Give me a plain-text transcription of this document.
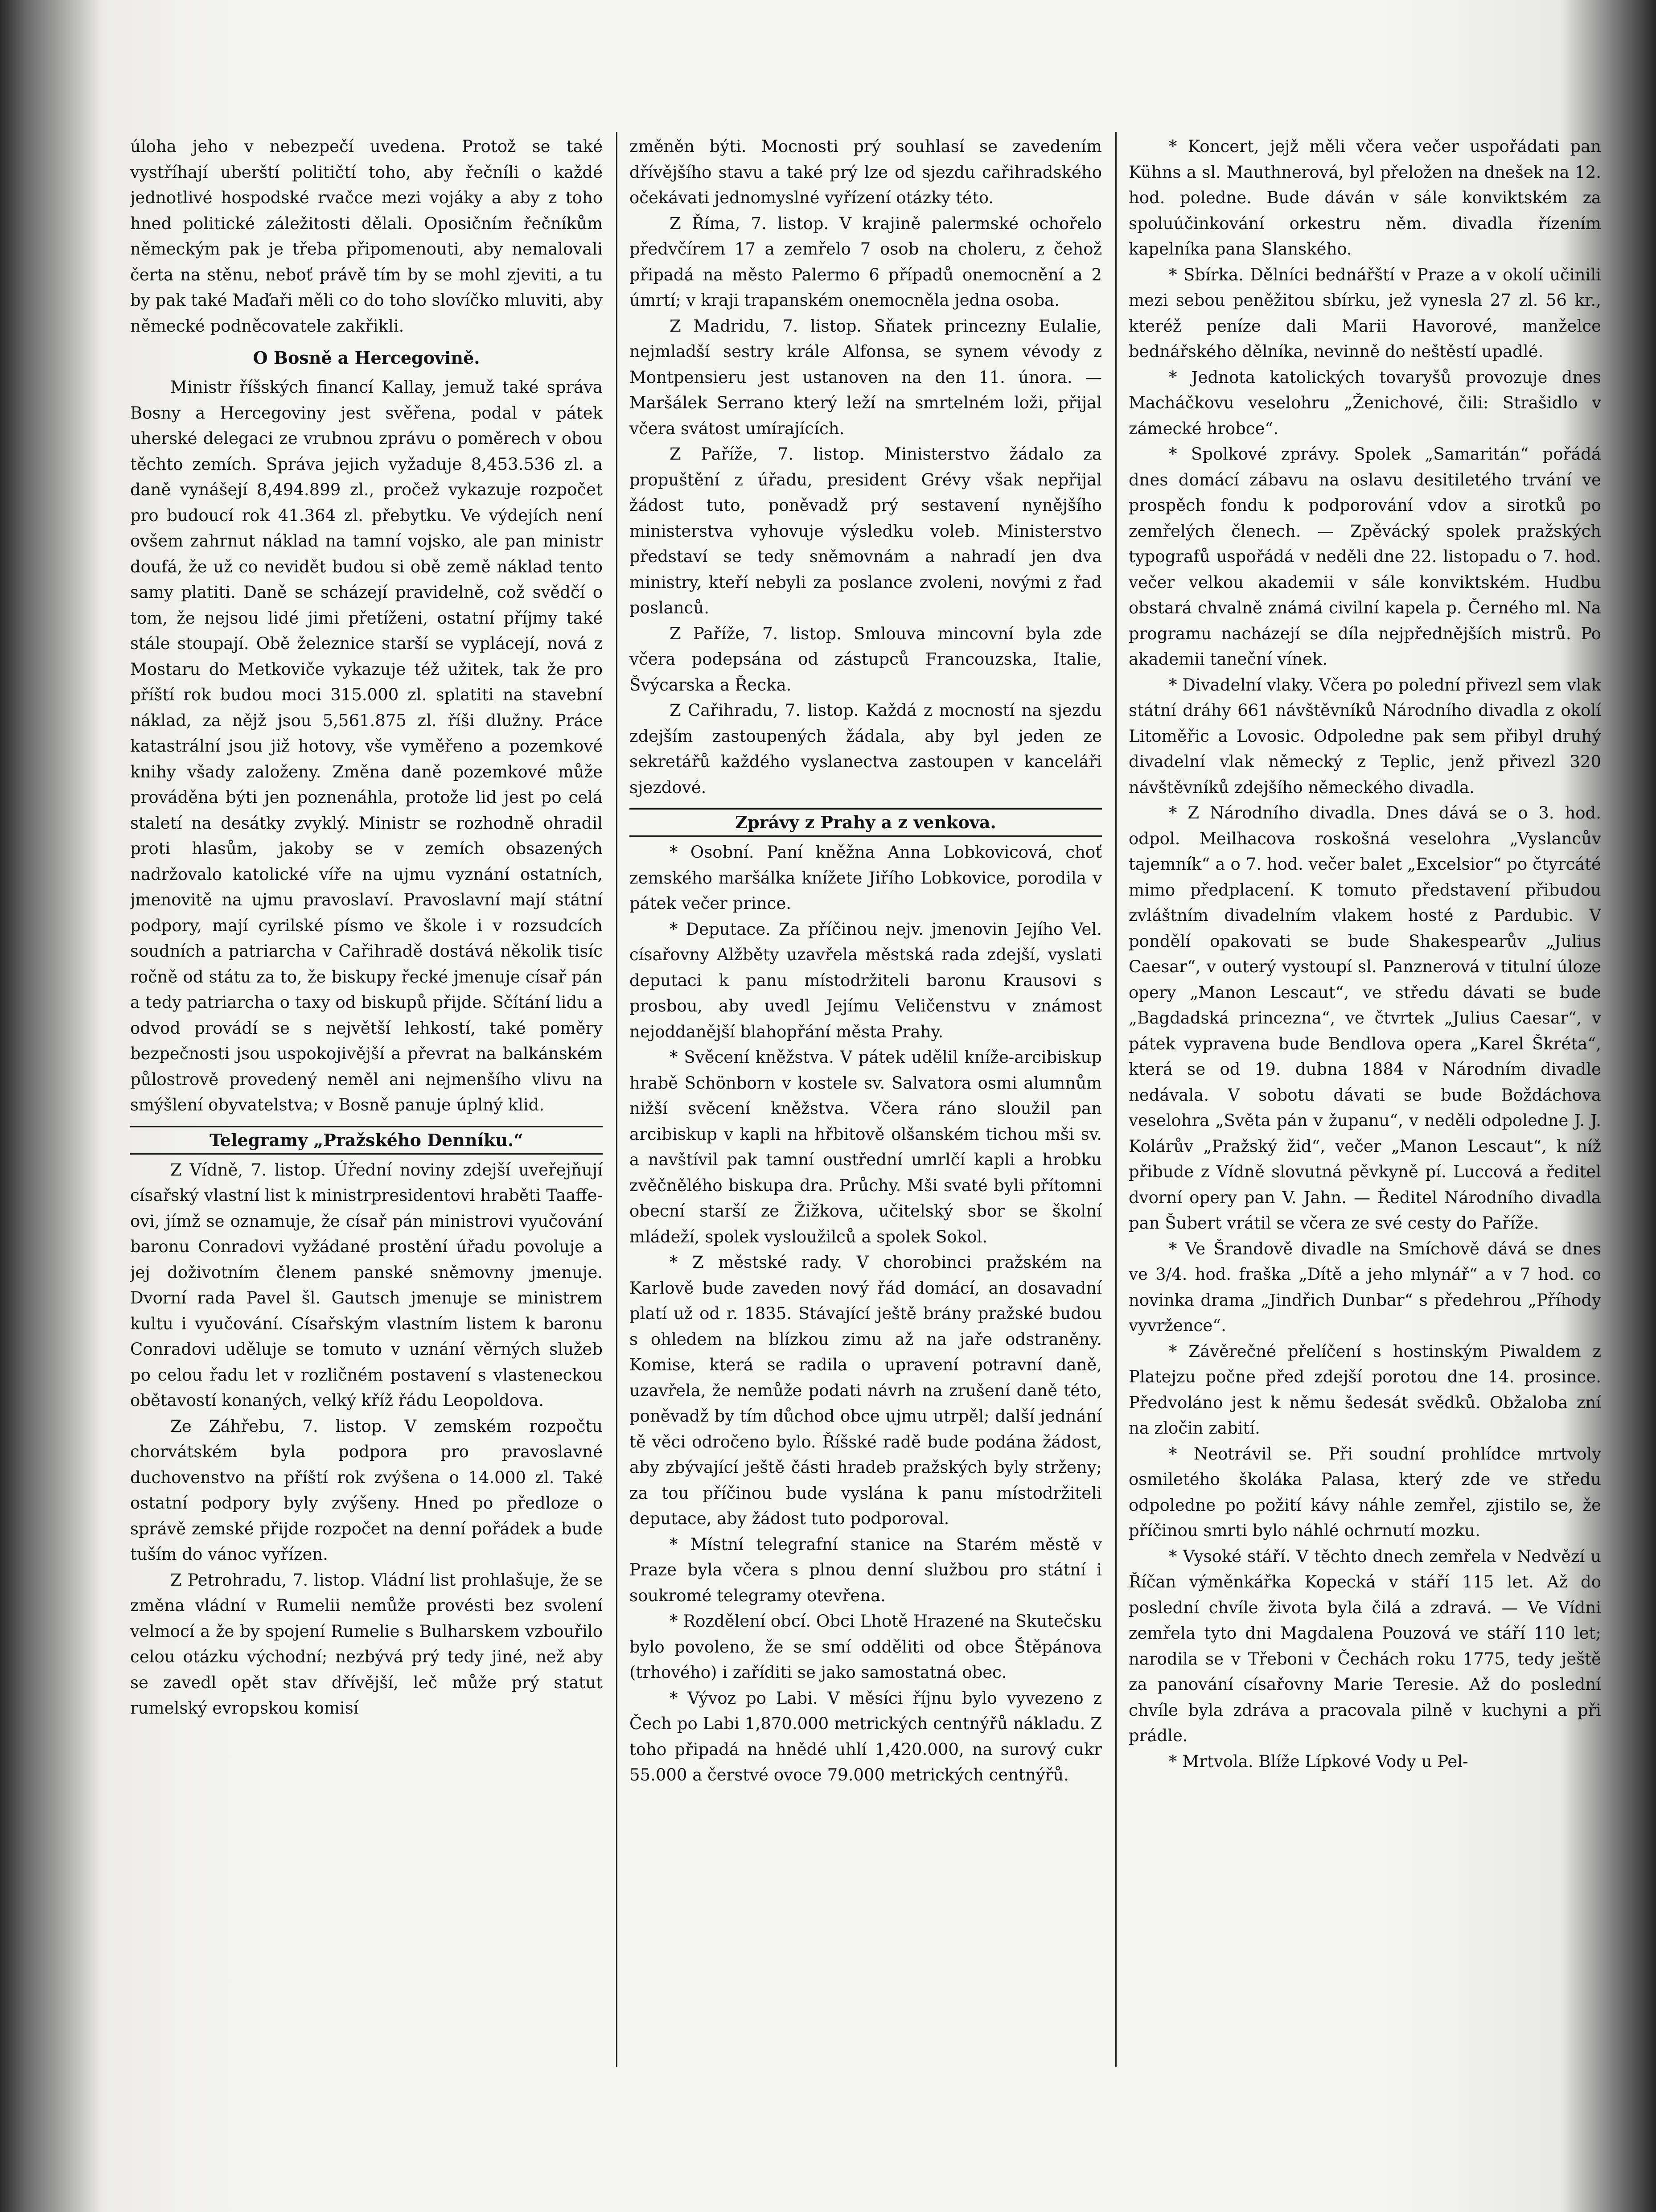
úloha jeho v nebezpečí uvedena. Protož se také vystříhají uberští političtí toho, aby řečníli o každé jednotlivé hospodské rvačce mezi vojáky a aby z toho hned politické záležitosti dělali. Oposičním řečníkům německým pak je třeba připomenouti, aby nemalovali čerta na stěnu, neboť právě tím by se mohl zjeviti, a tu by pak také Maďaři měli co do toho slovíčko mluviti, aby německé podněcovatele zakřikli.

O Bosně a Hercegovině.

Ministr říšských financí Kallay, jemuž také správa Bosny a Hercegoviny jest svěřena, podal v pátek uherské delegaci ze vrubnou zprávu o poměrech v obou těchto zemích. Správa jejich vyžaduje 8,453.536 zl. a daně vynášejí 8,494.899 zl., pročež vykazuje rozpočet pro budoucí rok 41.364 zl. přebytku. Ve výdejích není ovšem zahrnut náklad na tamní vojsko, ale pan ministr doufá, že už co nevidět budou si obě země náklad tento samy platiti. Daně se scházejí pravidelně, což svědčí o tom, že nejsou lidé jimi přetíženi, ostatní příjmy také stále stoupají. Obě železnice starší se vyplácejí, nová z Mostaru do Metkoviče vykazuje též užitek, tak že pro příští rok budou moci 315.000 zl. splatiti na stavební náklad, za nějž jsou 5,561.875 zl. říši dlužny. Práce katastrální jsou již hotovy, vše vyměřeno a pozemkové knihy všady založeny. Změna daně pozemkové může prováděna býti jen poznenáhla, protože lid jest po celá staletí na desátky zvyklý. Ministr se rozhodně ohradil proti hlasům, jakoby se v zemích obsazených nadržovalo katolické víře na ujmu vyznání ostatních, jmenovitě na ujmu pravoslaví. Pravoslavní mají státní podpory, mají cyrilské písmo ve škole i v rozsudcích soudních a patriarcha v Cařihradě dostává několik tisíc ročně od státu za to, že biskupy řecké jmenuje císař pán a tedy patriarcha o taxy od biskupů přijde. Sčítání lidu a odvod provádí se s největší lehkostí, také poměry bezpečnosti jsou uspokojivější a převrat na balkánském půlostrově provedený neměl ani nejmenšího vlivu na smýšlení obyvatelstva; v Bosně panuje úplný klid.

Telegramy „Pražského Denníku.“

Z Vídně, 7. listop. Úřední noviny zdejší uveřejňují císařský vlastní list k ministrpresidentovi hraběti Taaffe-ovi, jímž se oznamuje, že císař pán ministrovi vyučování baronu Conradovi vyžádané prostění úřadu povoluje a jej doživotním členem panské sněmovny jmenuje. Dvorní rada Pavel šl. Gautsch jmenuje se ministrem kultu i vyučování. Císařským vlastním listem k baronu Conradovi uděluje se tomuto v uznání věrných služeb po celou řadu let v rozličném postavení s vlasteneckou obětavostí konaných, velký kříž řádu Leopoldova.

Ze Záhřebu, 7. listop. V zemském rozpočtu chorvátském byla podpora pro pravoslavné duchovenstvo na příští rok zvýšena o 14.000 zl. Také ostatní podpory byly zvýšeny. Hned po předloze o správě zemské přijde rozpočet na denní pořádek a bude tuším do vánoc vyřízen.

Z Petrohradu, 7. listop. Vládní list prohlašuje, že se změna vládní v Rumelii nemůže provésti bez svolení velmocí a že by spojení Rumelie s Bulharskem vzbouřilo celou otázku východní; nezbývá prý tedy jiné, než aby se zavedl opět stav dřívější, leč může prý statut rumelský evropskou komisí

změněn býti. Mocnosti prý souhlasí se zavedením dřívějšího stavu a také prý lze od sjezdu cařihradského očekávati jednomyslné vyřízení otázky této.

Z Říma, 7. listop. V krajině palermské ochořelo předvčírem 17 a zemřelo 7 osob na choleru, z čehož připadá na město Palermo 6 případů onemocnění a 2 úmrtí; v kraji trapanském onemocněla jedna osoba.

Z Madridu, 7. listop. Sňatek princezny Eulalie, nejmladší sestry krále Alfonsa, se synem vévody z Montpensieru jest ustanoven na den 11. února. — Maršálek Serrano který leží na smrtelném loži, přijal včera svátost umírajících.

Z Paříže, 7. listop. Ministerstvo žádalo za propuštění z úřadu, president Grévy však nepřijal žádost tuto, poněvadž prý sestavení nynějšího ministerstva vyhovuje výsledku voleb. Ministerstvo představí se tedy sněmovnám a nahradí jen dva ministry, kteří nebyli za poslance zvoleni, novými z řad poslanců.

Z Paříže, 7. listop. Smlouva mincovní byla zde včera podepsána od zástupců Francouzska, Italie, Švýcarska a Řecka.

Z Cařihradu, 7. listop. Každá z mocností na sjezdu zdejším zastoupených žádala, aby byl jeden ze sekretářů každého vyslanectva zastoupen v kanceláři sjezdové.

Zprávy z Prahy a z venkova.

* Osobní. Paní kněžna Anna Lobkovicová, choť zemského maršálka knížete Jiřího Lobkovice, porodila v pátek večer prince.

* Deputace. Za příčinou nejv. jmenovin Jejího Vel. císařovny Alžběty uzavřela městská rada zdejší, vyslati deputaci k panu místodržiteli baronu Krausovi s prosbou, aby uvedl Jejímu Veličenstvu v známost nejoddanější blahopřání města Prahy.

* Svěcení kněžstva. V pátek udělil kníže-arcibiskup hrabě Schönborn v kostele sv. Salvatora osmi alumnům nižší svěcení kněžstva. Včera ráno sloužil pan arcibiskup v kapli na hřbitově olšanském tichou mši sv. a navštívil pak tamní oustřední umrlčí kapli a hrobku zvěčnělého biskupa dra. Průchy. Mši svaté byli přítomni obecní starší ze Žižkova, učitelský sbor se školní mládeží, spolek vysloužilců a spolek Sokol.

* Z městské rady. V chorobinci pražském na Karlově bude zaveden nový řád domácí, an dosavadní platí už od r. 1835. Stávající ještě brány pražské budou s ohledem na blízkou zimu až na jaře odstraněny. Komise, která se radila o upravení potravní daně, uzavřela, že nemůže podati návrh na zrušení daně této, poněvadž by tím důchod obce ujmu utrpěl; další jednání tě věci odročeno bylo. Říšské radě bude podána žádost, aby zbývající ještě části hradeb pražských byly strženy; za tou příčinou bude vyslána k panu místodržiteli deputace, aby žádost tuto podporoval.

* Místní telegrafní stanice na Starém městě v Praze byla včera s plnou denní službou pro státní i soukromé telegramy otevřena.

* Rozdělení obcí. Obci Lhotě Hrazené na Skutečsku bylo povoleno, že se smí odděliti od obce Štěpánova (trhového) i zaříditi se jako samostatná obec.

* Vývoz po Labi. V měsíci říjnu bylo vyvezeno z Čech po Labi 1,870.000 metrických centnýřů nákladu. Z toho připadá na hnědé uhlí 1,420.000, na surový cukr 55.000 a čerstvé ovoce 79.000 metrických centnýřů.

* Koncert, jejž měli včera večer uspořádati pan Kühns a sl. Mauthnerová, byl přeložen na dnešek na 12. hod. poledne. Bude dáván v sále konviktském za spoluúčinkování orkestru něm. divadla řízením kapelníka pana Slanského.

* Sbírka. Dělníci bednářští v Praze a v okolí učinili mezi sebou peněžitou sbírku, jež vynesla 27 zl. 56 kr., kteréž peníze dali Marii Havorové, manželce bednářského dělníka, nevinně do neštěstí upadlé.

* Jednota katolických tovaryšů provozuje dnes Macháčkovu veselohru „Ženichové, čili: Strašidlo v zámecké hrobce“.

* Spolkové zprávy. Spolek „Samaritán“ pořádá dnes domácí zábavu na oslavu desitiletého trvání ve prospěch fondu k podporování vdov a sirotků po zemřelých členech. — Zpěvácký spolek pražských typografů uspořádá v neděli dne 22. listopadu o 7. hod. večer velkou akademii v sále konviktském. Hudbu obstará chvalně známá civilní kapela p. Černého ml. Na programu nacházejí se díla nejpřednějších mistrů. Po akademii taneční vínek.

* Divadelní vlaky. Včera po polední přivezl sem vlak státní dráhy 661 návštěvníků Národního divadla z okolí Litoměřic a Lovosic. Odpoledne pak sem přibyl druhý divadelní vlak německý z Teplic, jenž přivezl 320 návštěvníků zdejšího německého divadla.

* Z Národního divadla. Dnes dává se o 3. hod. odpol. Meilhacova roskošná veselohra „Vyslancův tajemník“ a o 7. hod. večer balet „Excelsior“ po čtyrcáté mimo předplacení. K tomuto představení přibudou zvláštním divadelním vlakem hosté z Pardubic. V pondělí opakovati se bude Shakespearův „Julius Caesar“, v outerý vystoupí sl. Panznerová v titulní úloze opery „Manon Lescaut“, ve středu dávati se bude „Bagdadská princezna“, ve čtvrtek „Julius Caesar“, v pátek vypravena bude Bendlova opera „Karel Škréta“, která se od 19. dubna 1884 v Národním divadle nedávala. V sobotu dávati se bude Boždáchova veselohra „Světa pán v županu“, v neděli odpoledne J. J. Kolárův „Pražský žid“, večer „Manon Lescaut“, k níž přibude z Vídně slovutná pěvkyně pí. Luccová a ředitel dvorní opery pan V. Jahn. — Ředitel Národního divadla pan Šubert vrátil se včera ze své cesty do Paříže.

* Ve Šrandově divadle na Smíchově dává se dnes ve 3/4. hod. fraška „Dítě a jeho mlynář“ a v 7 hod. co novinka drama „Jindřich Dunbar“ s předehrou „Příhody vyvržence“.

* Závěrečné přelíčení s hostinským Piwaldem z Platejzu počne před zdejší porotou dne 14. prosince. Předvoláno jest k němu šedesát svědků. Obžaloba zní na zločin zabití.

* Neotrávil se. Při soudní prohlídce mrtvoly osmiletého školáka Palasa, který zde ve středu odpoledne po požití kávy náhle zemřel, zjistilo se, že příčinou smrti bylo náhlé ochrnutí mozku.

* Vysoké stáří. V těchto dnech zemřela v Nedvězí u Říčan výměnkářka Kopecká v stáří 115 let. Až do poslední chvíle života byla čilá a zdravá. — Ve Vídni zemřela tyto dni Magdalena Pouzová ve stáří 110 let; narodila se v Třeboni v Čechách roku 1775, tedy ještě za panování císařovny Marie Teresie. Až do poslední chvíle byla zdráva a pracovala pilně v kuchyni a při prádle.

* Mrtvola. Blíže Lípkové Vody u Pel-
